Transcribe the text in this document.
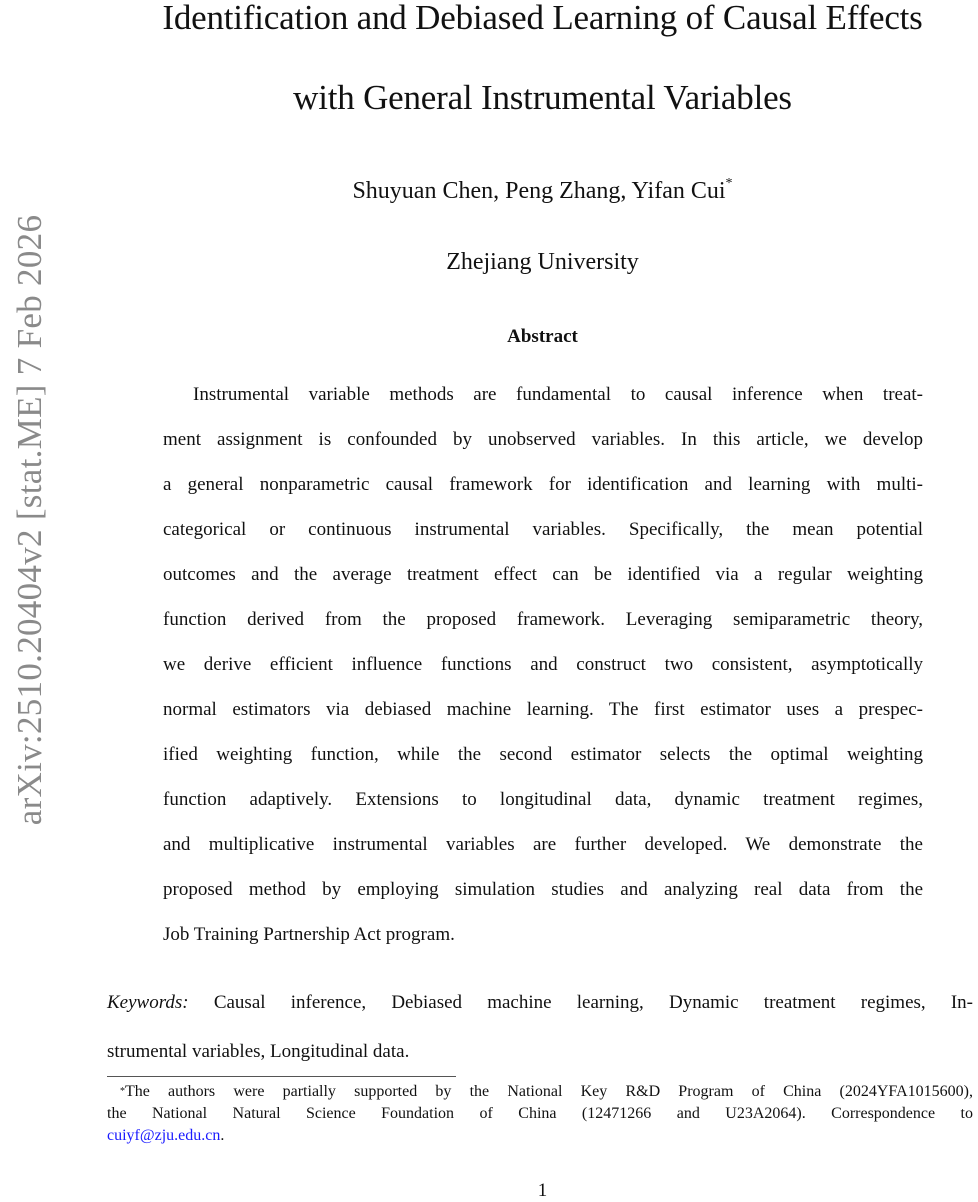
arXiv:2510.20404v2 [stat.ME] 7 Feb 2026
Identification and Debiased Learning of Causal Effects
with General Instrumental Variables
Shuyuan Chen, Peng Zhang, Yifan Cui*
Zhejiang University
Abstract
Instrumental variable methods are fundamental to causal inference when treat-
ment assignment is confounded by unobserved variables. In this article, we develop
a general nonparametric causal framework for identification and learning with multi-
categorical or continuous instrumental variables. Specifically, the mean potential
outcomes and the average treatment effect can be identified via a regular weighting
function derived from the proposed framework. Leveraging semiparametric theory,
we derive efficient influence functions and construct two consistent, asymptotically
normal estimators via debiased machine learning. The first estimator uses a prespec-
ified weighting function, while the second estimator selects the optimal weighting
function adaptively. Extensions to longitudinal data, dynamic treatment regimes,
and multiplicative instrumental variables are further developed. We demonstrate the
proposed method by employing simulation studies and analyzing real data from the
Job Training Partnership Act program.
Keywords: Causal inference, Debiased machine learning, Dynamic treatment regimes, In-
strumental variables, Longitudinal data.
*The authors were partially supported by the National Key R&D Program of China (2024YFA1015600),
the National Natural Science Foundation of China (12471266 and U23A2064). Correspondence to
cuiyf@zju.edu.cn.
1
